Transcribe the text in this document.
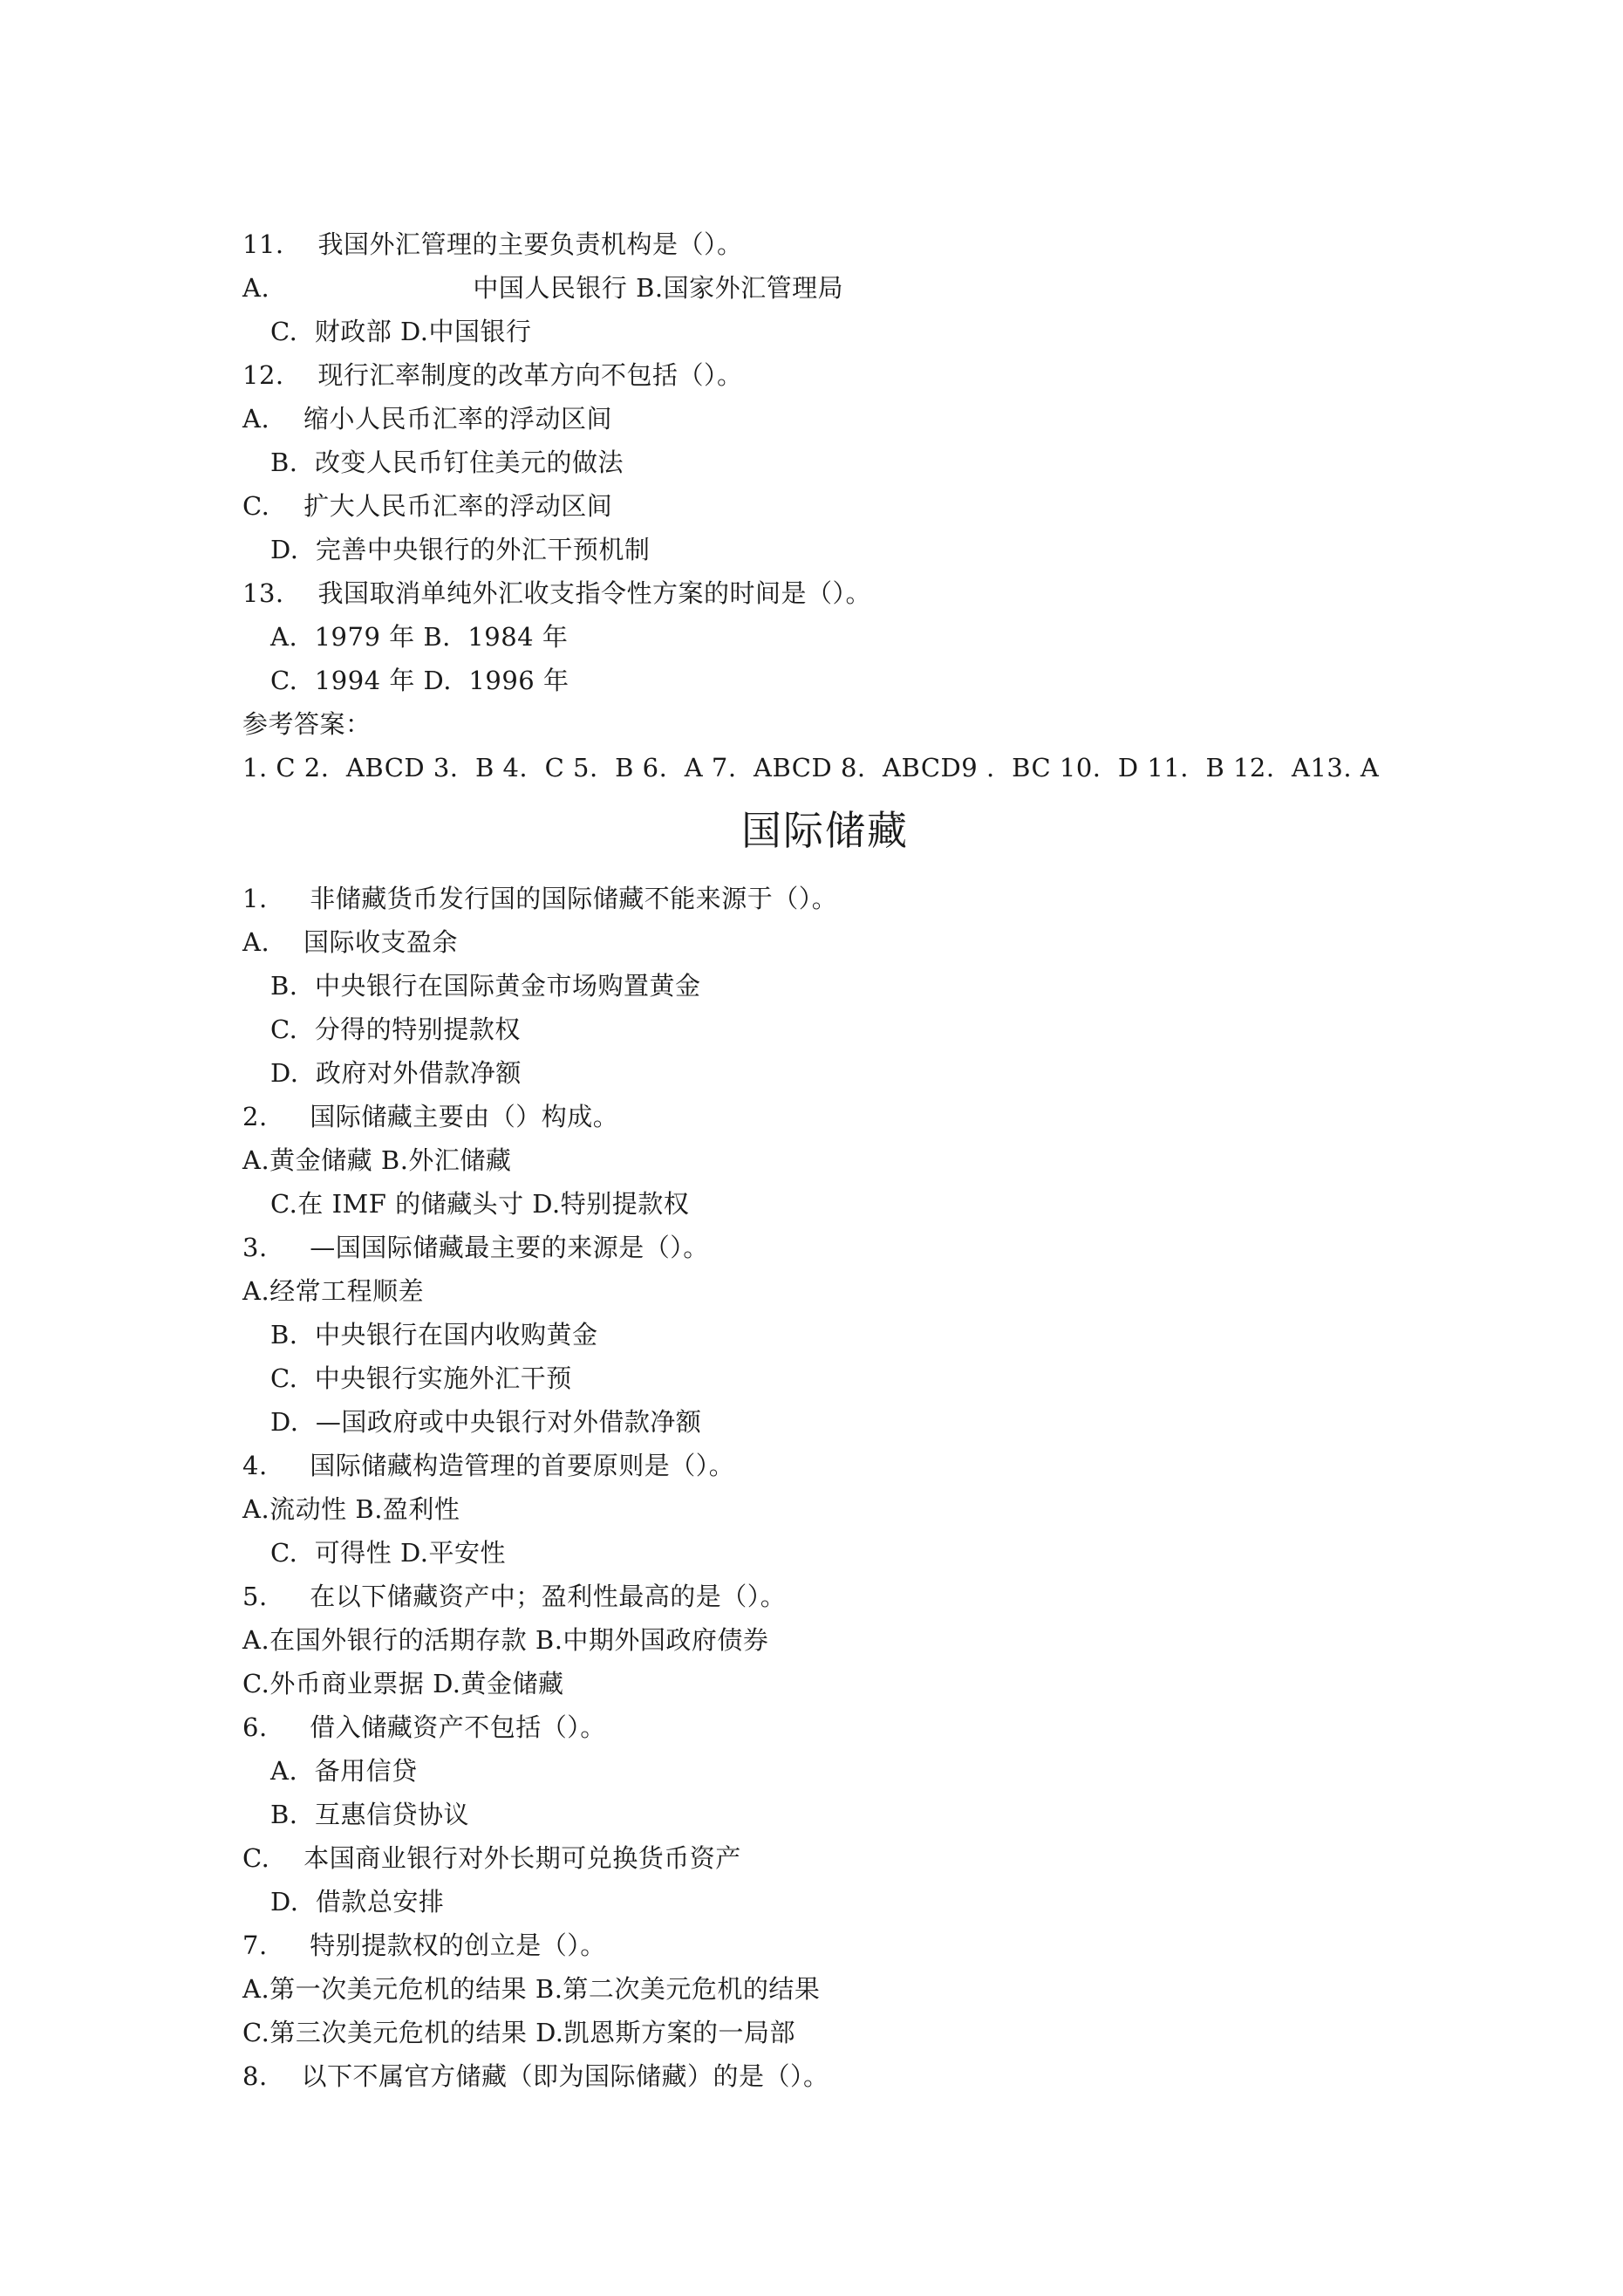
11.    我国外汇管理的主要负责机构是（）。
A.                        中国人民银行 B.国家外汇管理局
C.  财政部 D.中国银行
12.    现行汇率制度的改革方向不包括（）。
A.    缩小人民币汇率的浮动区间
B.  改变人民币钉住美元的做法
C.    扩大人民币汇率的浮动区间
D.  完善中央银行的外汇干预机制
13.    我国取消单纯外汇收支指令性方案的时间是（）。
A.  1979 年 B.  1984 年
C.  1994 年 D.  1996 年
参考答案：
1. C 2.  ABCD 3.  B 4.  C 5.  B 6.  A 7.  ABCD 8.  ABCD9 .  BC 10.  D 11.  B 12.  A13. A
国际储藏
1.     非储藏货币发行国的国际储藏不能来源于（）。
A.    国际收支盈余
B.  中央银行在国际黄金市场购置黄金
C.  分得的特别提款权
D.  政府对外借款净额
2.     国际储藏主要由（）构成。
A.黄金储藏 B.外汇储藏
C.在 IMF 的储藏头寸 D.特别提款权
3.     —国国际储藏最主要的来源是（）。
A.经常工程顺差
B.  中央银行在国内收购黄金
C.  中央银行实施外汇干预
D.  —国政府或中央银行对外借款净额
4.     国际储藏构造管理的首要原则是（）。
A.流动性 B.盈利性
C.  可得性 D.平安性
5.     在以下储藏资产中；盈利性最高的是（）。
A.在国外银行的活期存款 B.中期外国政府债券
C.外币商业票据 D.黄金储藏
6.     借入储藏资产不包括（）。
A.  备用信贷
B.  互惠信贷协议
C.    本国商业银行对外长期可兑换货币资产
D.  借款总安排
7.     特别提款权的创立是（）。
A.第一次美元危机的结果 B.第二次美元危机的结果
C.第三次美元危机的结果 D.凯恩斯方案的一局部
8.    以下不属官方储藏（即为国际储藏）的是（）。
